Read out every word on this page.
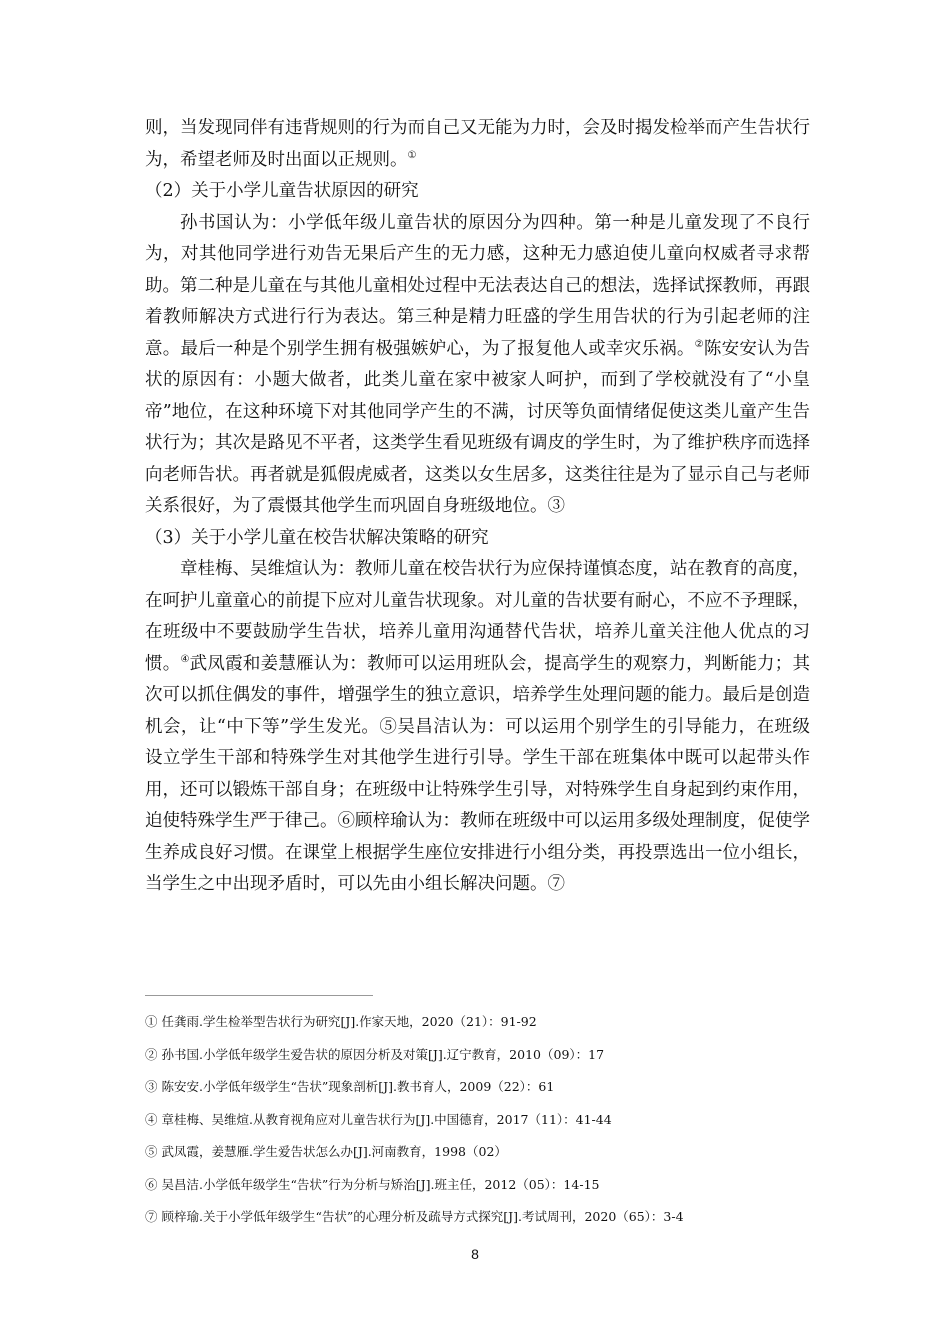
则，当发现同伴有违背规则的行为而自己又无能为力时，会及时揭发检举而产生告状行为，希望老师及时出面以正规则。①

（2）关于小学儿童告状原因的研究

孙书国认为：小学低年级儿童告状的原因分为四种。第一种是儿童发现了不良行为，对其他同学进行劝告无果后产生的无力感，这种无力感迫使儿童向权威者寻求帮助。第二种是儿童在与其他儿童相处过程中无法表达自己的想法，选择试探教师，再跟着教师解决方式进行行为表达。第三种是精力旺盛的学生用告状的行为引起老师的注意。最后一种是个别学生拥有极强嫉妒心，为了报复他人或幸灾乐祸。②陈安安认为告状的原因有：小题大做者，此类儿童在家中被家人呵护，而到了学校就没有了“小皇帝”地位，在这种环境下对其他同学产生的不满，讨厌等负面情绪促使这类儿童产生告状行为；其次是路见不平者，这类学生看见班级有调皮的学生时，为了维护秩序而选择向老师告状。再者就是狐假虎威者，这类以女生居多，这类往往是为了显示自己与老师关系很好，为了震慑其他学生而巩固自身班级地位。③

（3）关于小学儿童在校告状解决策略的研究

章桂梅、吴维煊认为：教师儿童在校告状行为应保持谨慎态度，站在教育的高度，在呵护儿童童心的前提下应对儿童告状现象。对儿童的告状要有耐心，不应不予理睬，在班级中不要鼓励学生告状，培养儿童用沟通替代告状，培养儿童关注他人优点的习惯。④武凤霞和姜慧雁认为：教师可以运用班队会，提高学生的观察力，判断能力；其次可以抓住偶发的事件，增强学生的独立意识，培养学生处理问题的能力。最后是创造机会，让“中下等”学生发光。⑤吴昌洁认为：可以运用个别学生的引导能力，在班级设立学生干部和特殊学生对其他学生进行引导。学生干部在班集体中既可以起带头作用，还可以锻炼干部自身；在班级中让特殊学生引导，对特殊学生自身起到约束作用，迫使特殊学生严于律己。⑥顾梓瑜认为：教师在班级中可以运用多级处理制度，促使学生养成良好习惯。在课堂上根据学生座位安排进行小组分类，再投票选出一位小组长，当学生之中出现矛盾时，可以先由小组长解决问题。⑦

① 任龚雨.学生检举型告状行为研究[J].作家天地，2020（21）：91-92

② 孙书国.小学低年级学生爱告状的原因分析及对策[J].辽宁教育，2010（09）：17

③ 陈安安.小学低年级学生“告状”现象剖析[J].教书育人，2009（22）：61

④ 章桂梅、吴维煊.从教育视角应对儿童告状行为[J].中国德育，2017（11）：41-44

⑤ 武凤霞，姜慧雁.学生爱告状怎么办[J].河南教育，1998（02）

⑥ 吴昌洁.小学低年级学生“告状”行为分析与矫治[J].班主任，2012（05）：14-15

⑦ 顾梓瑜.关于小学低年级学生“告状”的心理分析及疏导方式探究[J].考试周刊，2020（65）：3-4

8
